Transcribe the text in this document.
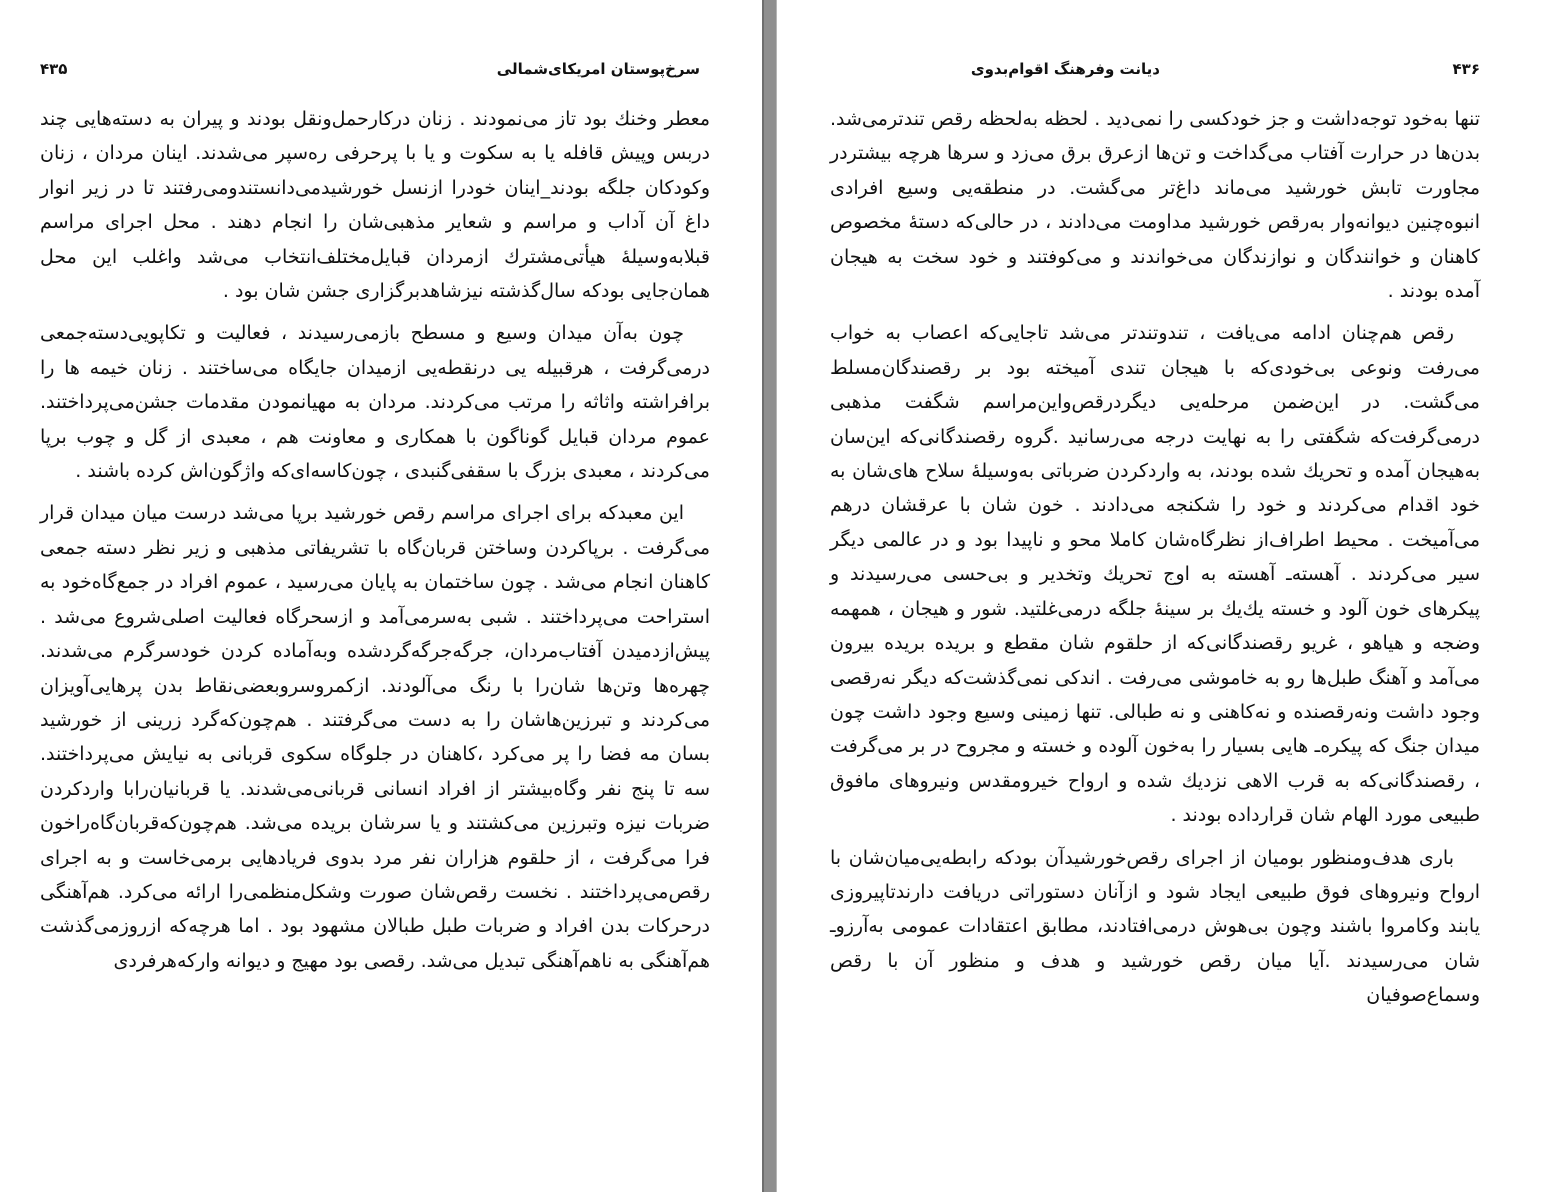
۴۳۶
دیانت وفرهنگ اقوام‌بدوی

تنها به‌خود توجه‌داشت و جز خودکسی را نمی‌دید . لحظه به‌لحظه رقص تندترمی‌شد. بدن‌ها در حرارت آفتاب می‌گداخت و تن‌ها ازعرق برق می‌زد و سرها هرچه بیشتردر مجاورت تابش خورشید می‌ماند داغ‌تر می‌گشت. در منطقه‌یی وسیع افرادی انبوه‌چنین دیوانه‌وار به‌رقص خورشید مداومت می‌دادند ، در حالی‌که دستهٔ مخصوص کاهنان و خوانندگان و نوازندگان می‌خواندند و می‌کوفتند و خود سخت به هیجان آمده بودند .

رقص هم‌چنان ادامه می‌یافت ، تندوتندتر می‌شد تاجایی‌که اعصاب به خواب می‌رفت ونوعی بی‌خودی‌که با هیجان تندی آمیخته بود بر رقصندگان‌مسلط می‌گشت. در این‌ضمن مرحله‌یی دیگردرقص‌واین‌مراسم شگفت مذهبی درمی‌گرفت‌که شگفتی را به نهایت درجه می‌رسانید .گروه رقصندگانی‌که این‌سان به‌هیجان آمده و تحریك شده بودند، به واردکردن ضرباتی به‌وسیلهٔ سلاح های‌شان به خود اقدام می‌کردند و خود را شکنجه می‌دادند . خون شان با عرقشان درهم می‌آمیخت . محیط اطراف‌از نظرگاه‌شان کاملا محو و ناپیدا بود و در عالمی دیگر سیر می‌کردند . آهسته‌ـ آهسته به اوج تحریك وتخدیر و بی‌حسی می‌رسیدند و پیکرهای خون آلود و خسته یك‌یك بر سینهٔ جلگه درمی‌غلتید. شور و هیجان ، همهمه وضجه و هیاهو ، غریو رقصندگانی‌که از حلقوم شان مقطع و بریده بریده بیرون می‌آمد و آهنگ طبل‌ها رو به خاموشی می‌رفت . اندکی نمی‌گذشت‌که دیگر نه‌رقصی وجود داشت ونه‌رقصنده و نه‌کاهنی و نه طبالی. تنها زمینی وسیع وجود داشت چون میدان جنگ که پیکره‌ـ هایی بسیار را به‌خون آلوده و خسته و مجروح در بر می‌گرفت ، رقصندگانی‌که به قرب الاهی نزدیك شده و ارواح خیرومقدس ونیروهای مافوق طبیعی مورد الهام شان قرارداده بودند .

باری هدف‌ومنظور بومیان از اجرای رقص‌خورشیدآن بودکه رابطه‌یی‌میان‌شان با ارواح ونیروهای فوق طبیعی ایجاد شود و ازآنان دستوراتی دریافت دارندتاپیروزی یابند وکامروا باشند وچون بی‌هوش درمی‌افتادند، مطابق اعتقادات عمومی به‌آرزوـ شان می‌رسیدند .آیا میان رقص خورشید و هدف و منظور آن با رقص وسماع‌صوفیان

۴۳۵	سرخ‌پوستان امریکای‌شمالی

معطر وخنك بود تاز می‌نمودند . زنان درکارحمل‌ونقل بودند و پیران به دسته‌هایی چند دربس وپیش قافله یا به سکوت و یا با پرحرفی ره‌سپر می‌شدند. اینان مردان ، زنان وکودکان جلگه بودند_اینان خودرا ازنسل خورشیدمی‌دانستندومی‌رفتند تا در زیر انوار داغ آن آداب و مراسم و شعایر مذهبی‌شان را انجام دهند . محل اجرای مراسم قبلابه‌وسیلهٔ هیأتی‌مشترك ازمردان قبایل‌مختلف‌انتخاب می‌شد واغلب این محل همان‌جایی بودکه سال‌گذشته نیزشاهدبرگزاری جشن شان بود .

چون به‌آن میدان وسیع و مسطح بازمی‌رسیدند ، فعالیت و تکاپویی‌دسته‌جمعی درمی‌گرفت ، هرقبیله یی درنقطه‌یی ازمیدان جایگاه می‌ساختند . زنان خیمه ها را برافراشته واثاثه را مرتب می‌کردند. مردان به مهیانمودن مقدمات جشن‌می‌پرداختند. عموم مردان قبایل گوناگون با همکاری و معاونت هم ، معبدی از گل و چوب برپا می‌کردند ، معبدی بزرگ با سقفی‌گنبدی ، چون‌کاسه‌ای‌که واژگون‌اش کرده باشند .

این معبدکه برای اجرای مراسم رقص خورشید برپا می‌شد درست میان میدان قرار می‌گرفت . برپاکردن وساختن قربان‌گاه با تشریفاتی مذهبی و زیر نظر دسته جمعی کاهنان انجام می‌شد . چون ساختمان به پایان می‌رسید ، عموم افراد در جمع‌گاه‌خود به استراحت می‌پرداختند . شبی به‌سرمی‌آمد و ازسحرگاه فعالیت اصلی‌شروع می‌شد . پیش‌ازدمیدن آفتاب‌مردان، جرگه‌جرگه‌گردشده وبه‌آماده کردن خودسرگرم می‌شدند. چهره‌ها وتن‌ها شان‌را با رنگ می‌آلودند. ازکمروسرو‌بعضی‌نقاط بدن پرهایی‌آویزان می‌کردند و تبرزین‌هاشان را به دست می‌گرفتند . هم‌چون‌که‌گرد زرینی از خورشید بسان مه فضا را پر می‌کرد ،کاهنان در جلوگاه سکوی قربانی به نیایش می‌پرداختند. سه تا پنج نفر وگاه‌بیشتر از افراد انسانی قربانی‌می‌شدند. یا قربانیان‌رابا واردکردن ضربات نیزه وتبرزین می‌کشتند و یا سرشان بریده می‌شد. هم‌چون‌که‌قربان‌گاه‌راخون فرا می‌گرفت ، از حلقوم هزاران نفر مرد بدوی فریادهایی برمی‌خاست و به اجرای رقص‌می‌پرداختند . نخست رقص‌شان صورت وشکل‌منظمی‌را ارائه می‌کرد. هم‌آهنگی درحرکات بدن افراد و ضربات طبل طبالان مشهود بود . اما هرچه‌که ازروزمی‌گذشت هم‌آهنگی به ناهم‌آهنگی تبدیل می‌شد. رقصی بود مهیج و دیوانه وارکه‌هرفردی
